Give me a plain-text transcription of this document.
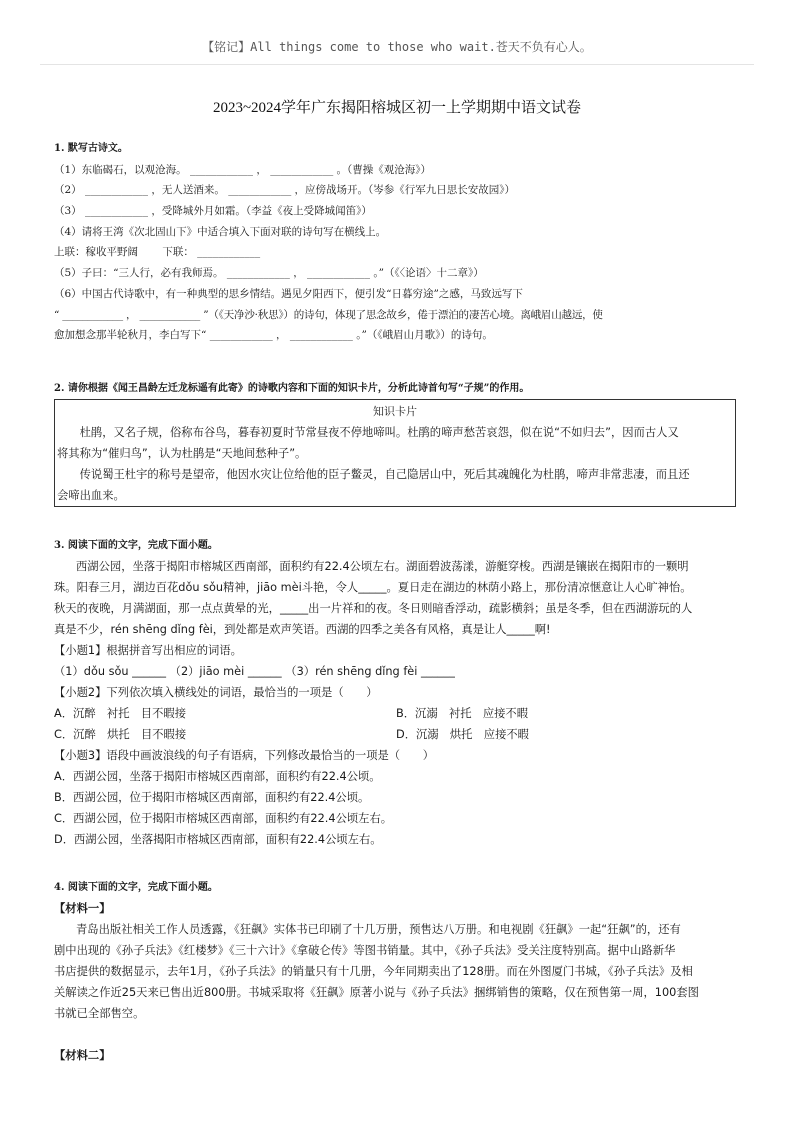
【铭记】All things come to those who wait.苍天不负有心人。
2023~2024学年广东揭阳榕城区初一上学期期中语文试卷
1. 默写古诗文。
（1）东临碣石，以观沧海。 ____________ ， ____________ 。（曹操《观沧海》）
（2） ____________ ，无人送酒来。 ____________ ，应傍战场开。（岑参《行军九日思长安故园》）
（3） ____________ ，受降城外月如霜。（李益《夜上受降城闻笛》）
（4）请将王湾《次北固山下》中适合填入下面对联的诗句写在横线上。
上联：稼收平野阔　　 下联： ____________
（5）子曰：“三人行，必有我师焉。 ____________ ， ____________ 。”（《〈论语〉十二章》）
（6）中国古代诗歌中，有一种典型的思乡情结。遇见夕阳西下，便引发“日暮穷途”之感，马致远写下
“ ____________ ， ____________ ”（《天净沙·秋思》）的诗句，体现了思念故乡，倦于漂泊的凄苦心境。离峨眉山越远，使
愈加想念那半轮秋月，李白写下“ ____________ ， ____________ 。”（《峨眉山月歌》）的诗句。
2. 请你根据《闻王昌龄左迁龙标遥有此寄》的诗歌内容和下面的知识卡片，分析此诗首句写“子规”的作用。
知识卡片
　　杜鹃，又名子规，俗称布谷鸟，暮春初夏时节常昼夜不停地啼叫。杜鹃的啼声愁苦哀怨，似在说“不如归去”，因而古人又
将其称为“催归鸟”，认为杜鹃是“天地间愁种子”。
　　传说蜀王杜宇的称号是望帝，他因水灾让位给他的臣子鳖灵，自己隐居山中，死后其魂魄化为杜鹃，啼声非常悲凄，而且还
会啼出血来。
3. 阅读下面的文字，完成下面小题。
西湖公园，坐落于揭阳市榕城区西南部，面积约有22.4公顷左右。湖面碧波荡漾，游艇穿梭。西湖是镶嵌在揭阳市的一颗明
珠。阳春三月，湖边百花dǒu sǒu精神，jiāo mèi斗艳，令人_____。夏日走在湖边的林荫小路上，那份清凉惬意让人心旷神怡。
秋天的夜晚，月满湖面，那一点点黄晕的光，_____出一片祥和的夜。冬日则暗香浮动，疏影横斜；虽是冬季，但在西湖游玩的人
真是不少，rén shēng dǐng fèi，到处都是欢声笑语。西湖的四季之美各有风格，真是让人_____啊!
【小题1】根据拼音写出相应的词语。
（1）dǒu sǒu ______ （2）jiāo mèi ______ （3）rén shēng dǐng fèi ______
【小题2】下列依次填入横线处的词语，最恰当的一项是（　　）
A．沉醉　衬托　目不暇接	B．沉溺　衬托　应接不暇
C．沉醉　烘托　目不暇接	D．沉溺　烘托　应接不暇
【小题3】语段中画波浪线的句子有语病，下列修改最恰当的一项是（　　）
A．西湖公园，坐落于揭阳市榕城区西南部，面积约有22.4公顷。
B．西湖公园，位于揭阳市榕城区西南部，面积约有22.4公顷。
C．西湖公园，位于揭阳市榕城区西南部，面积约有22.4公顷左右。
D．西湖公园，坐落揭阳市榕城区西南部，面积有22.4公顷左右。
4. 阅读下面的文字，完成下面小题。
【材料一】
青岛出版社相关工作人员透露，《狂飙》实体书已印刷了十几万册，预售达八万册。和电视剧《狂飙》一起“狂飙”的，还有
剧中出现的《孙子兵法》《红楼梦》《三十六计》《拿破仑传》等图书销量。其中，《孙子兵法》受关注度特别高。据中山路新华
书店提供的数据显示，去年1月，《孙子兵法》的销量只有十几册，今年同期卖出了128册。而在外图厦门书城，《孙子兵法》及相
关解读之作近25天来已售出近800册。书城采取将《狂飙》原著小说与《孙子兵法》捆绑销售的策略，仅在预售第一周，100套图
书就已全部售空。
【材料二】
